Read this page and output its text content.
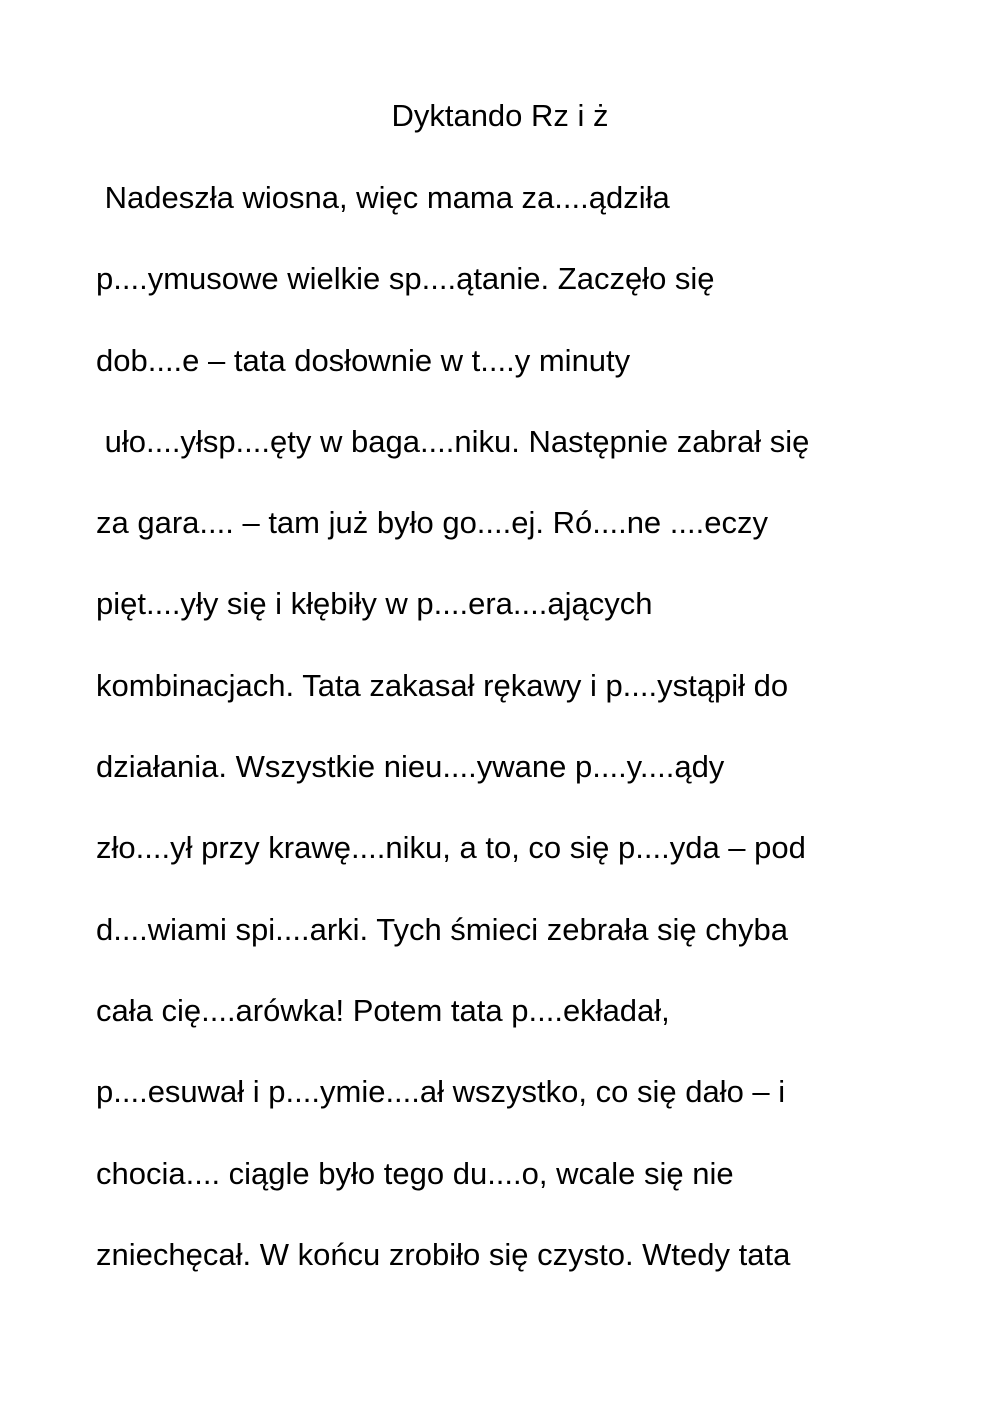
Dyktando Rz i ż
Nadeszła wiosna, więc mama za....ądziła
p....ymusowe wielkie sp....ątanie. Zaczęło się
dob....e – tata dosłownie w t....y minuty
uło....yłsp....ęty w baga....niku. Następnie zabrał się
za gara.... – tam już było go....ej. Ró....ne ....eczy
pięt....yły się i kłębiły w p....era....ających
kombinacjach. Tata zakasał rękawy i p....ystąpił do
działania. Wszystkie nieu....ywane p....y....ądy
zło....ył przy krawę....niku, a to, co się p....yda – pod
d....wiami spi....arki. Tych śmieci zebrała się chyba
cała cię....arówka! Potem tata p....ekładał,
p....esuwał i p....ymie....ał wszystko, co się dało – i
chocia.... ciągle było tego du....o, wcale się nie
zniechęcał. W końcu zrobiło się czysto. Wtedy tata
